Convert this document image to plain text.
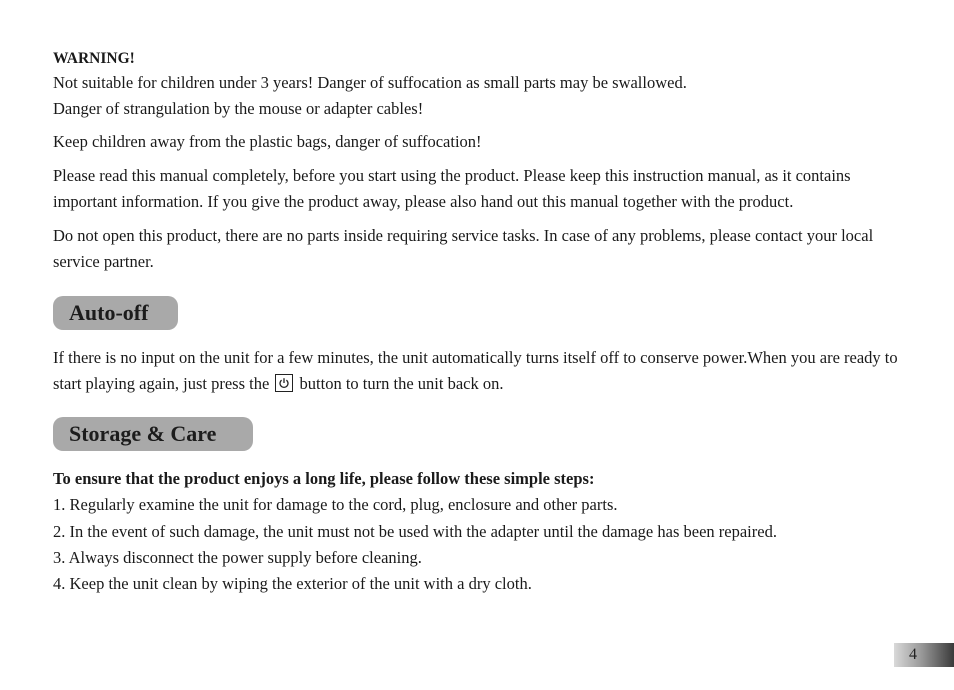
WARNING!

Not suitable for children under 3 years! Danger of suffocation as small parts may be swallowed.

Danger of strangulation by the mouse or adapter cables!

Keep children away from the plastic bags, danger of suffocation!

Please read this manual completely, before you start using the product. Please keep this instruction manual, as it contains important information. If you give the product away, please also hand out this manual together with the product.

Do not open this product, there are no parts inside requiring service tasks. In case of any problems, please contact your local service partner.

Auto-off

If there is no input on the unit for a few minutes, the unit automatically turns itself off to conserve power.When you are ready to start playing again, just press the button to turn the unit back on.

Storage & Care

To ensure that the product enjoys a long life, please follow these simple steps:

1. Regularly examine the unit for damage to the cord, plug, enclosure and other parts.

2. In the event of such damage, the unit must not be used with the adapter until the damage has been repaired.

3. Always disconnect the power supply before cleaning.

4. Keep the unit clean by wiping the exterior of the unit with a dry cloth.

4
